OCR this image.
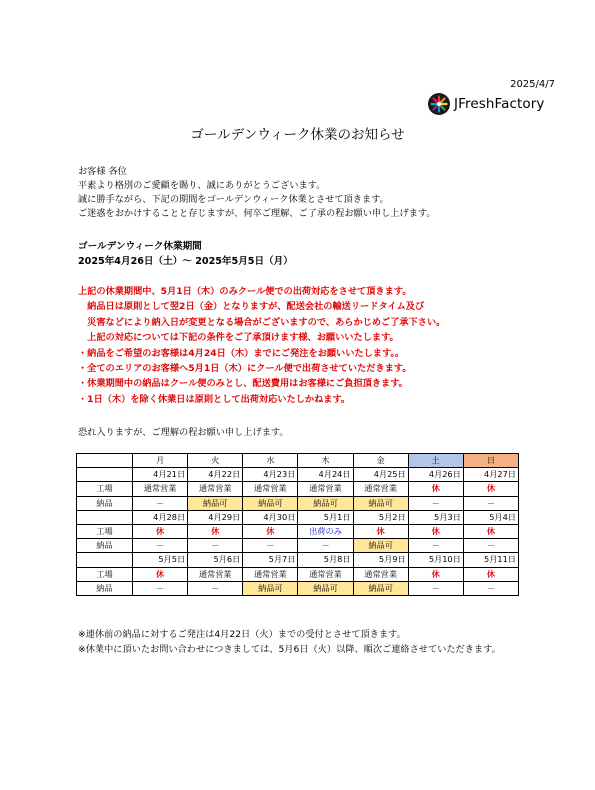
2025/4/7
JFreshFactory
ゴールデンウィーク休業のお知らせ
お客様 各位
平素より格別のご愛顧を賜り、誠にありがとうございます。
誠に勝手ながら、下記の期間をゴールデンウィーク休業とさせて頂きます。
ご迷惑をおかけすることと存じますが、何卒ご理解、ご了承の程お願い申し上げます。
ゴールデンウィーク休業期間
2025年4月26日（土）～ 2025年5月5日（月）
上記の休業期間中、5月1日（木）のみクール便での出荷対応をさせて頂きます。
　納品日は原則として翌2日（金）となりますが、配送会社の輸送リードタイム及び
　災害などにより納入日が変更となる場合がございますので、あらかじめご了承下さい。
　上記の対応については下記の条件をご了承頂けます様、お願いいたします。
・納品をご希望のお客様は4月24日（木）までにご発注をお願いいたします。。
・全てのエリアのお客様へ5月1日（木）にクール便で出荷させていただきます。
・休業期間中の納品はクール便のみとし、配送費用はお客様にご負担頂きます。
・1日（木）を除く休業日は原則として出荷対応いたしかねます。
恐れ入りますが、ご理解の程お願い申し上げます。
	月	火	水	木	金	土	日
	4月21日	4月22日	4月23日	4月24日	4月25日	4月26日	4月27日
工場	通常営業	通常営業	通常営業	通常営業	通常営業	休	休
納品	－	納品可	納品可	納品可	納品可	－	－
	4月28日	4月29日	4月30日	5月1日	5月2日	5月3日	5月4日
工場	休	休	休	出荷のみ	休	休	休
納品	－	－	－	－	納品可	－	－
	5月5日	5月6日	5月7日	5月8日	5月9日	5月10日	5月11日
工場	休	通常営業	通常営業	通常営業	通常営業	休	休
納品	－	－	納品可	納品可	納品可	－	－
※連休前の納品に対するご発注は4月22日（火）までの受付とさせて頂きます。
※休業中に頂いたお問い合わせにつきましては、5月6日（火）以降、順次ご連絡させていただきます。
